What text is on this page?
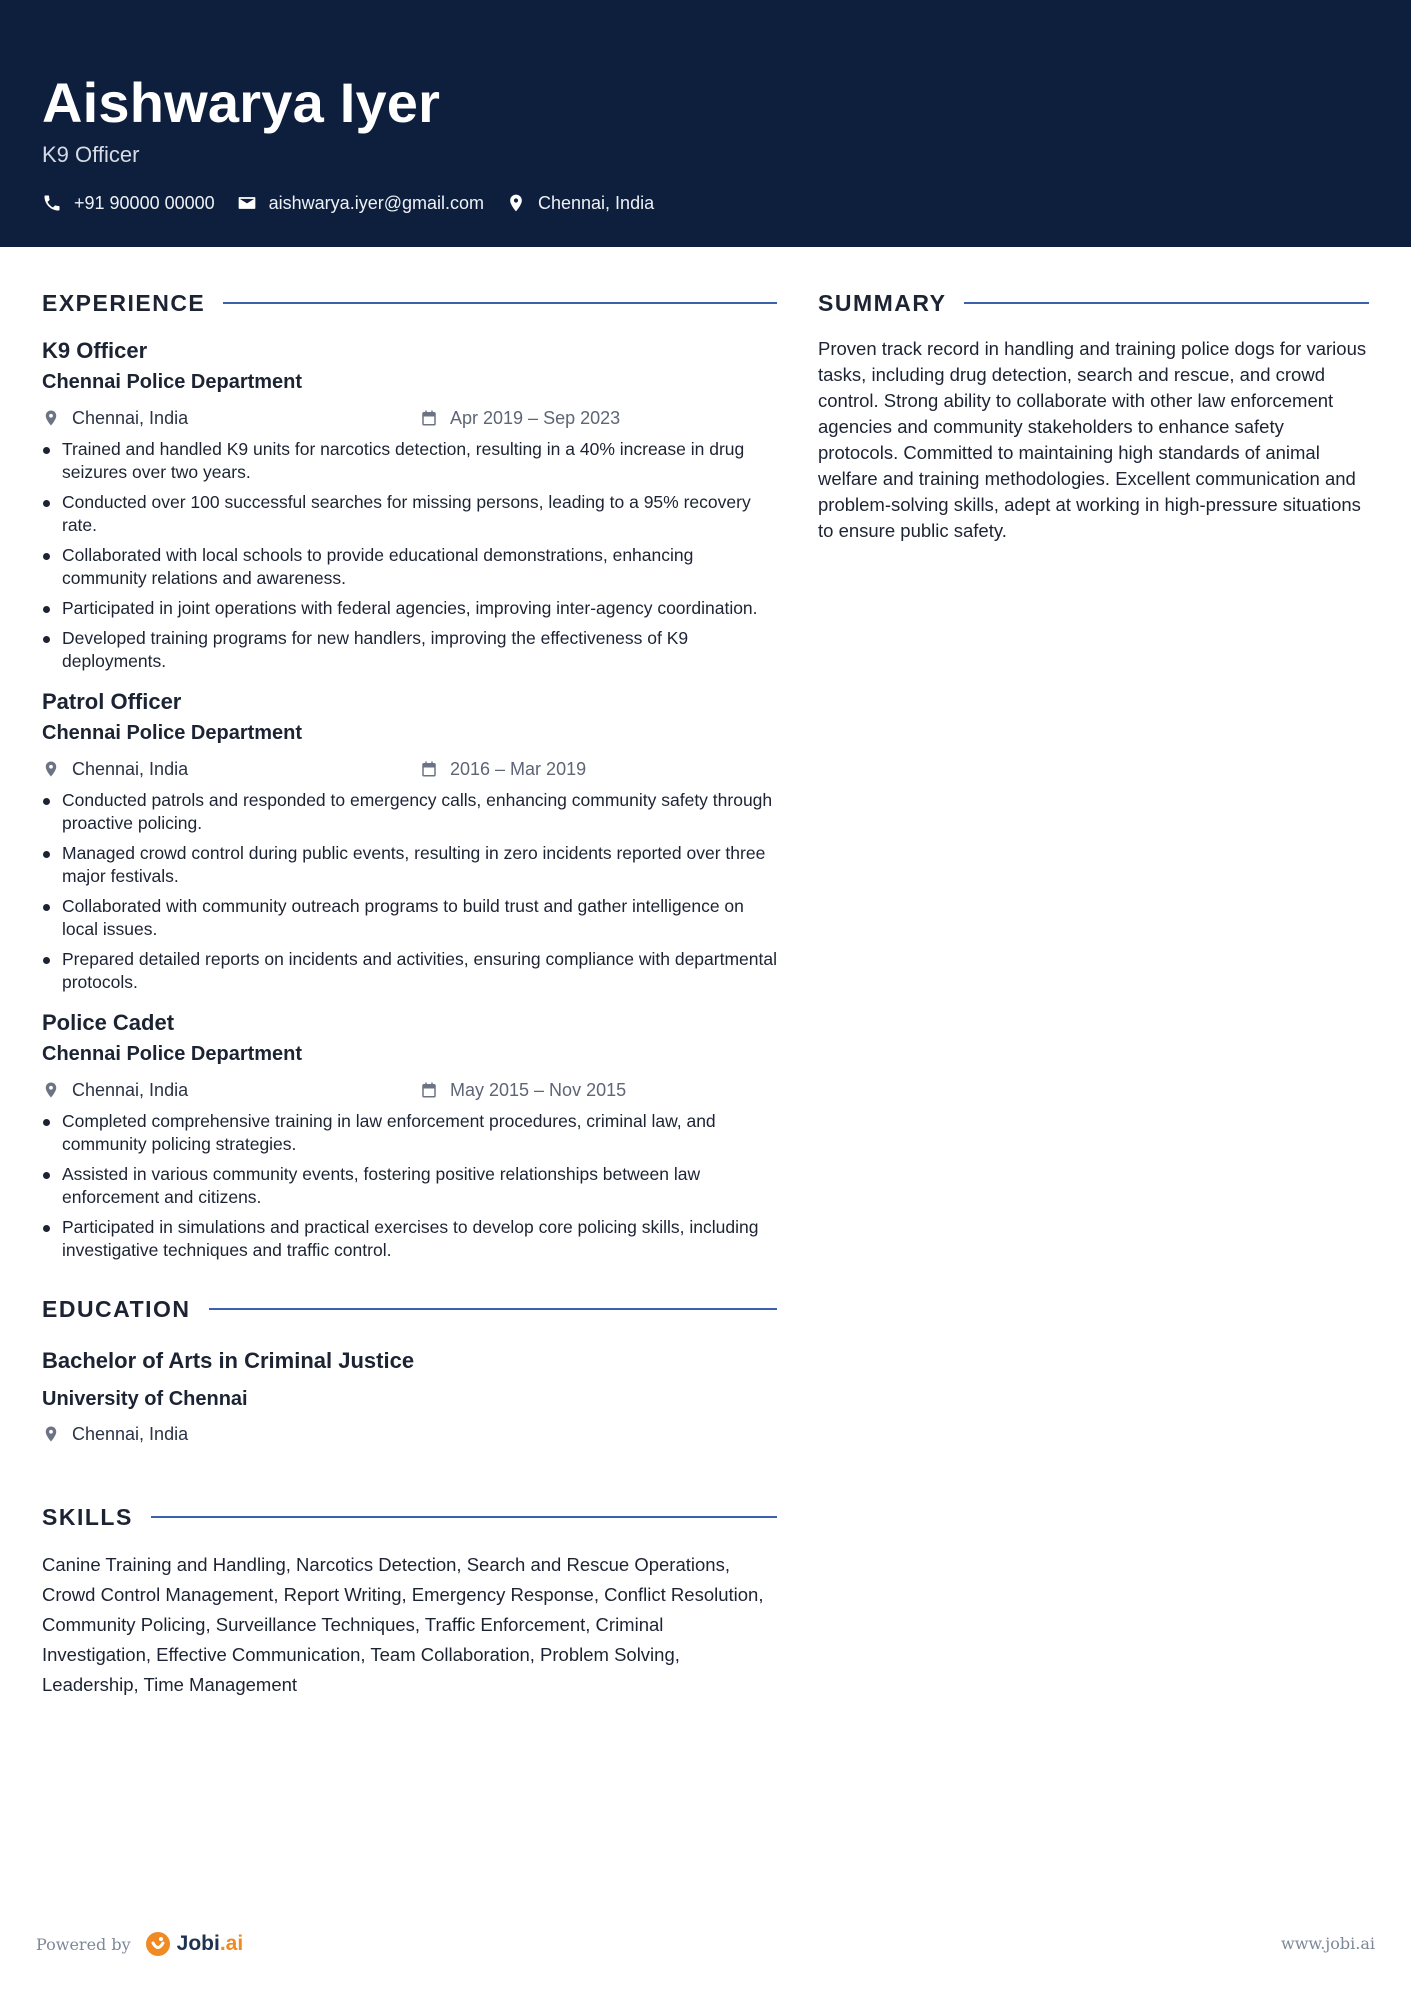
Aishwarya Iyer
K9 Officer
+91 90000 00000	aishwarya.iyer@gmail.com	Chennai, India
EXPERIENCE
K9 Officer
Chennai Police Department
Chennai, India	Apr 2019 – Sep 2023
Trained and handled K9 units for narcotics detection, resulting in a 40% increase in drug seizures over two years.
Conducted over 100 successful searches for missing persons, leading to a 95% recovery rate.
Collaborated with local schools to provide educational demonstrations, enhancing community relations and awareness.
Participated in joint operations with federal agencies, improving inter-agency coordination.
Developed training programs for new handlers, improving the effectiveness of K9 deployments.
Patrol Officer
Chennai Police Department
Chennai, India	2016 – Mar 2019
Conducted patrols and responded to emergency calls, enhancing community safety through proactive policing.
Managed crowd control during public events, resulting in zero incidents reported over three major festivals.
Collaborated with community outreach programs to build trust and gather intelligence on local issues.
Prepared detailed reports on incidents and activities, ensuring compliance with departmental protocols.
Police Cadet
Chennai Police Department
Chennai, India	May 2015 – Nov 2015
Completed comprehensive training in law enforcement procedures, criminal law, and community policing strategies.
Assisted in various community events, fostering positive relationships between law enforcement and citizens.
Participated in simulations and practical exercises to develop core policing skills, including investigative techniques and traffic control.
EDUCATION
Bachelor of Arts in Criminal Justice
University of Chennai
Chennai, India
SKILLS
Canine Training and Handling, Narcotics Detection, Search and Rescue Operations, Crowd Control Management, Report Writing, Emergency Response, Conflict Resolution, Community Policing, Surveillance Techniques, Traffic Enforcement, Criminal Investigation, Effective Communication, Team Collaboration, Problem Solving, Leadership, Time Management
SUMMARY
Proven track record in handling and training police dogs for various tasks, including drug detection, search and rescue, and crowd control. Strong ability to collaborate with other law enforcement agencies and community stakeholders to enhance safety protocols. Committed to maintaining high standards of animal welfare and training methodologies. Excellent communication and problem-solving skills, adept at working in high-pressure situations to ensure public safety.
Powered by Jobi .ai	www.jobi.ai
